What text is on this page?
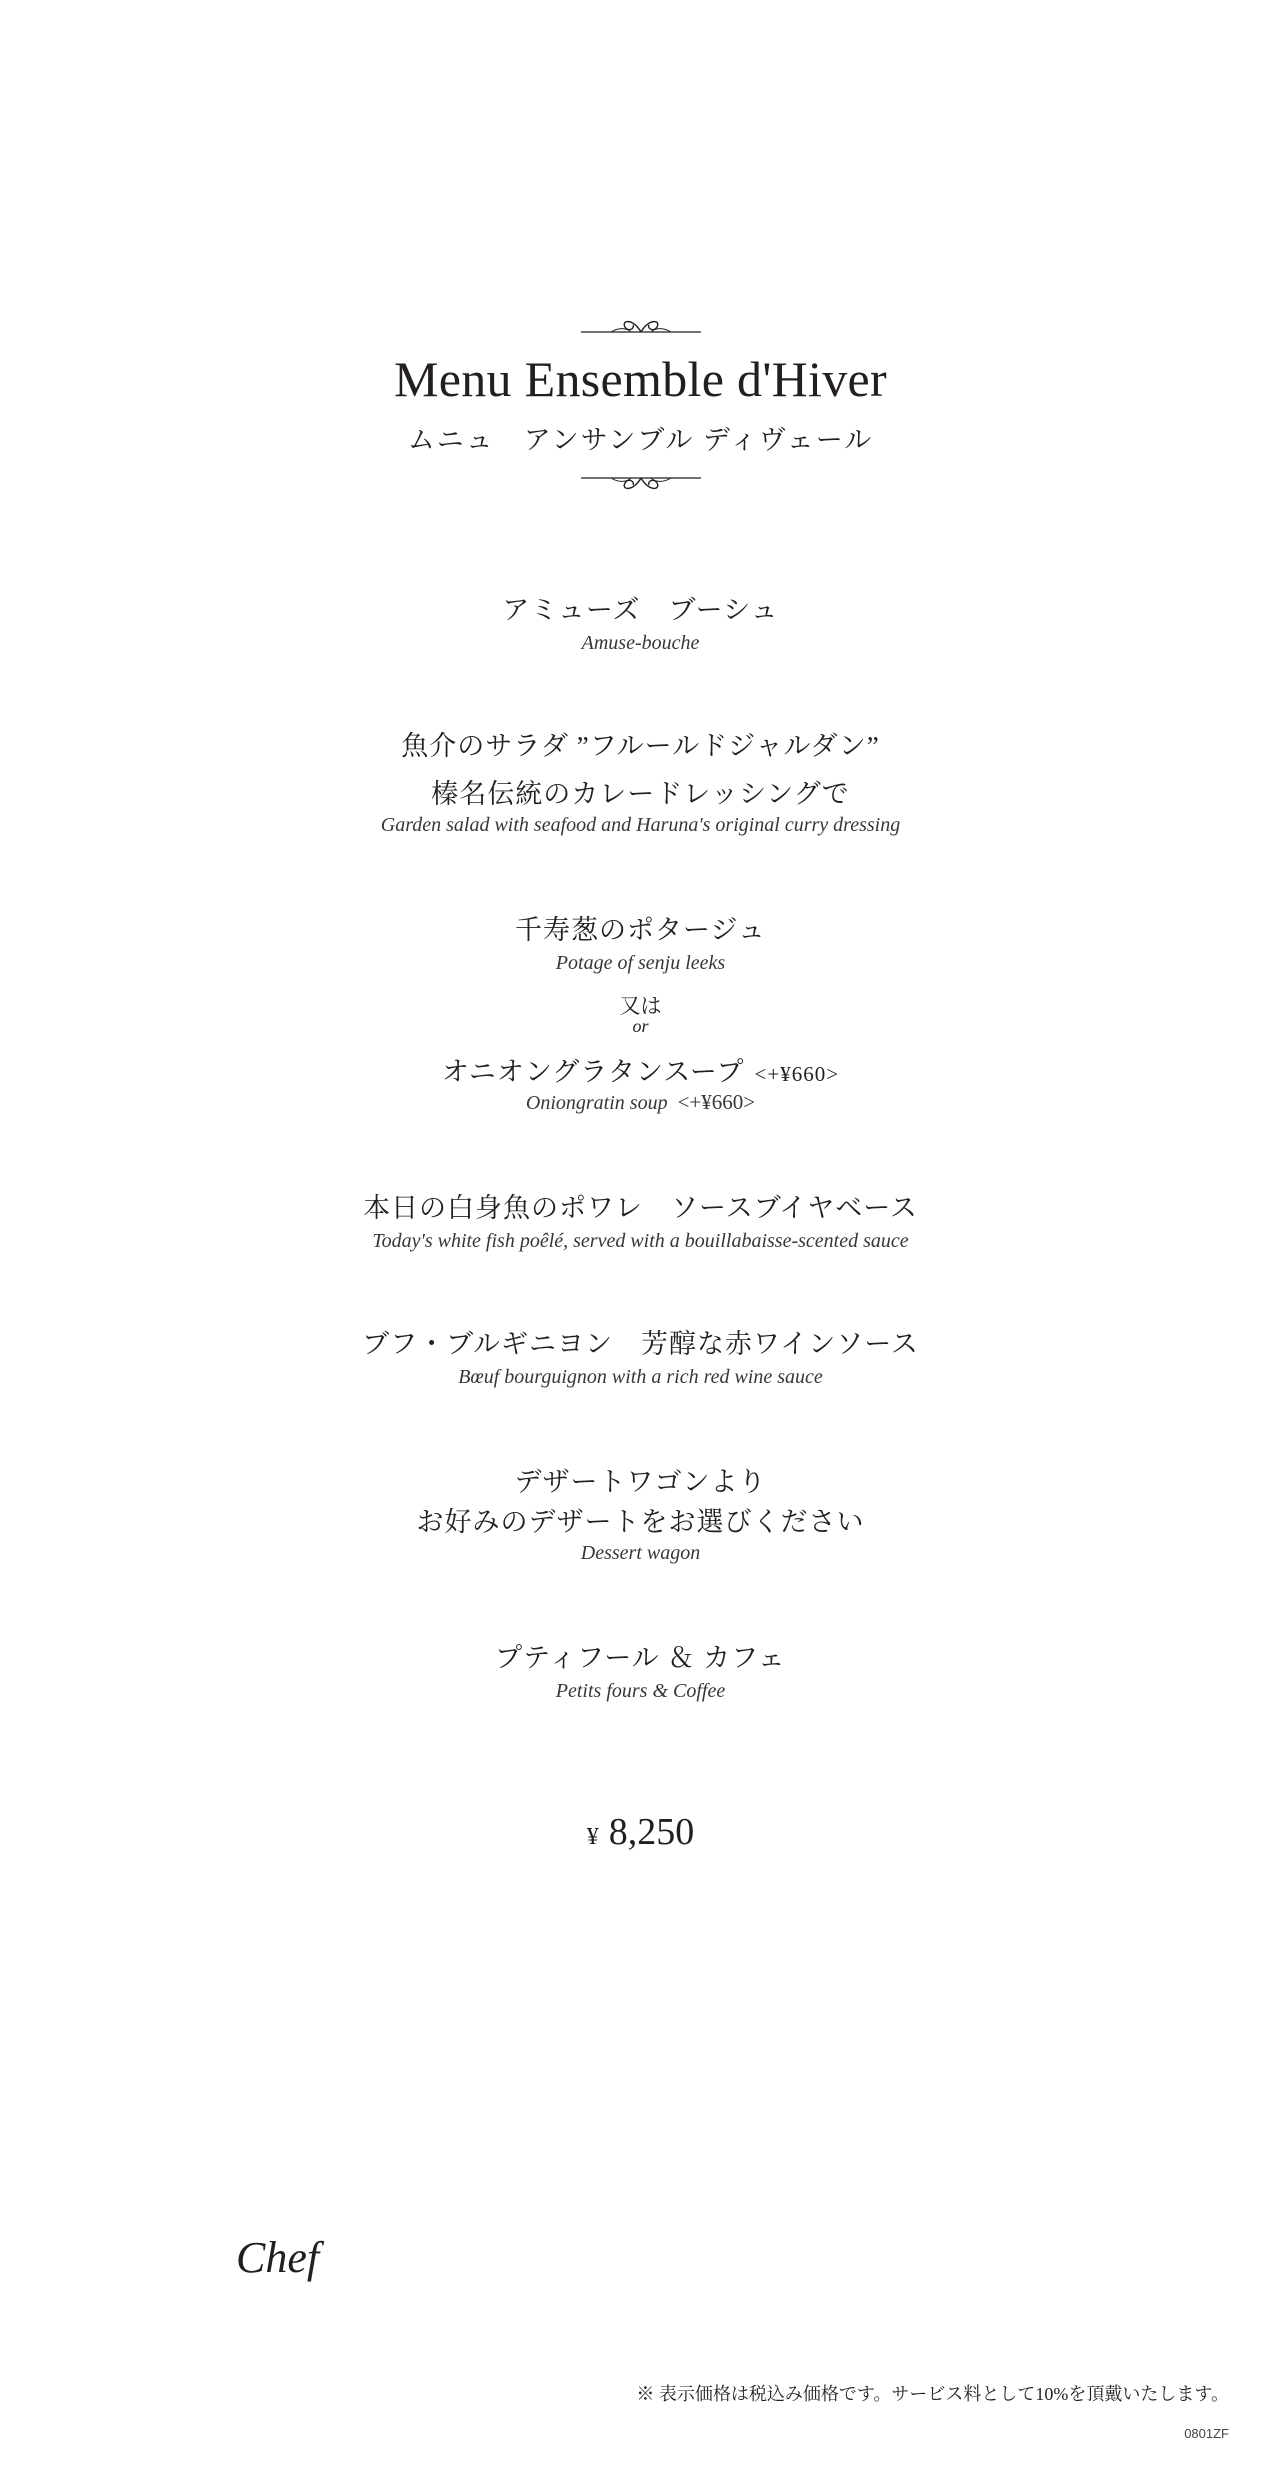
Menu Ensemble d'Hiver
ムニュ　アンサンブル ディヴェール
アミューズ　ブーシュ
Amuse-bouche
魚介のサラダ ”フルールドジャルダン”
榛名伝統のカレードレッシングで
Garden salad with seafood and Haruna's original curry dressing
千寿葱のポタージュ
Potage of senju leeks
又は
or
オニオングラタンスープ <+¥660>
Oniongratin soup <+¥660>
本日の白身魚のポワレ　ソースブイヤベース
Today's white fish poêlé, served with a bouillabaisse-scented sauce
ブフ・ブルギニヨン　芳醇な赤ワインソース
Bœuf bourguignon with a rich red wine sauce
デザートワゴンより
お好みのデザートをお選びください
Dessert wagon
プティフール ＆ カフェ
Petits fours & Coffee
¥ 8,250
Chef
※ 表示価格は税込み価格です。サービス料として10%を頂戴いたします。
0801ZF
